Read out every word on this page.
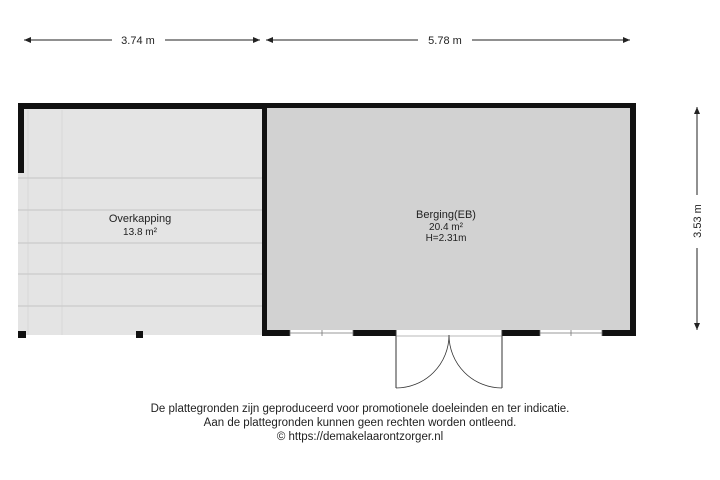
3.74 m	5.78 m
3.53 m
Overkapping
13.8 m²
Berging(EB)
20.4 m²
H=2.31m
De plattegronden zijn geproduceerd voor promotionele doeleinden en ter indicatie.
Aan de plattegronden kunnen geen rechten worden ontleend.
© https://demakelaarontzorger.nl
